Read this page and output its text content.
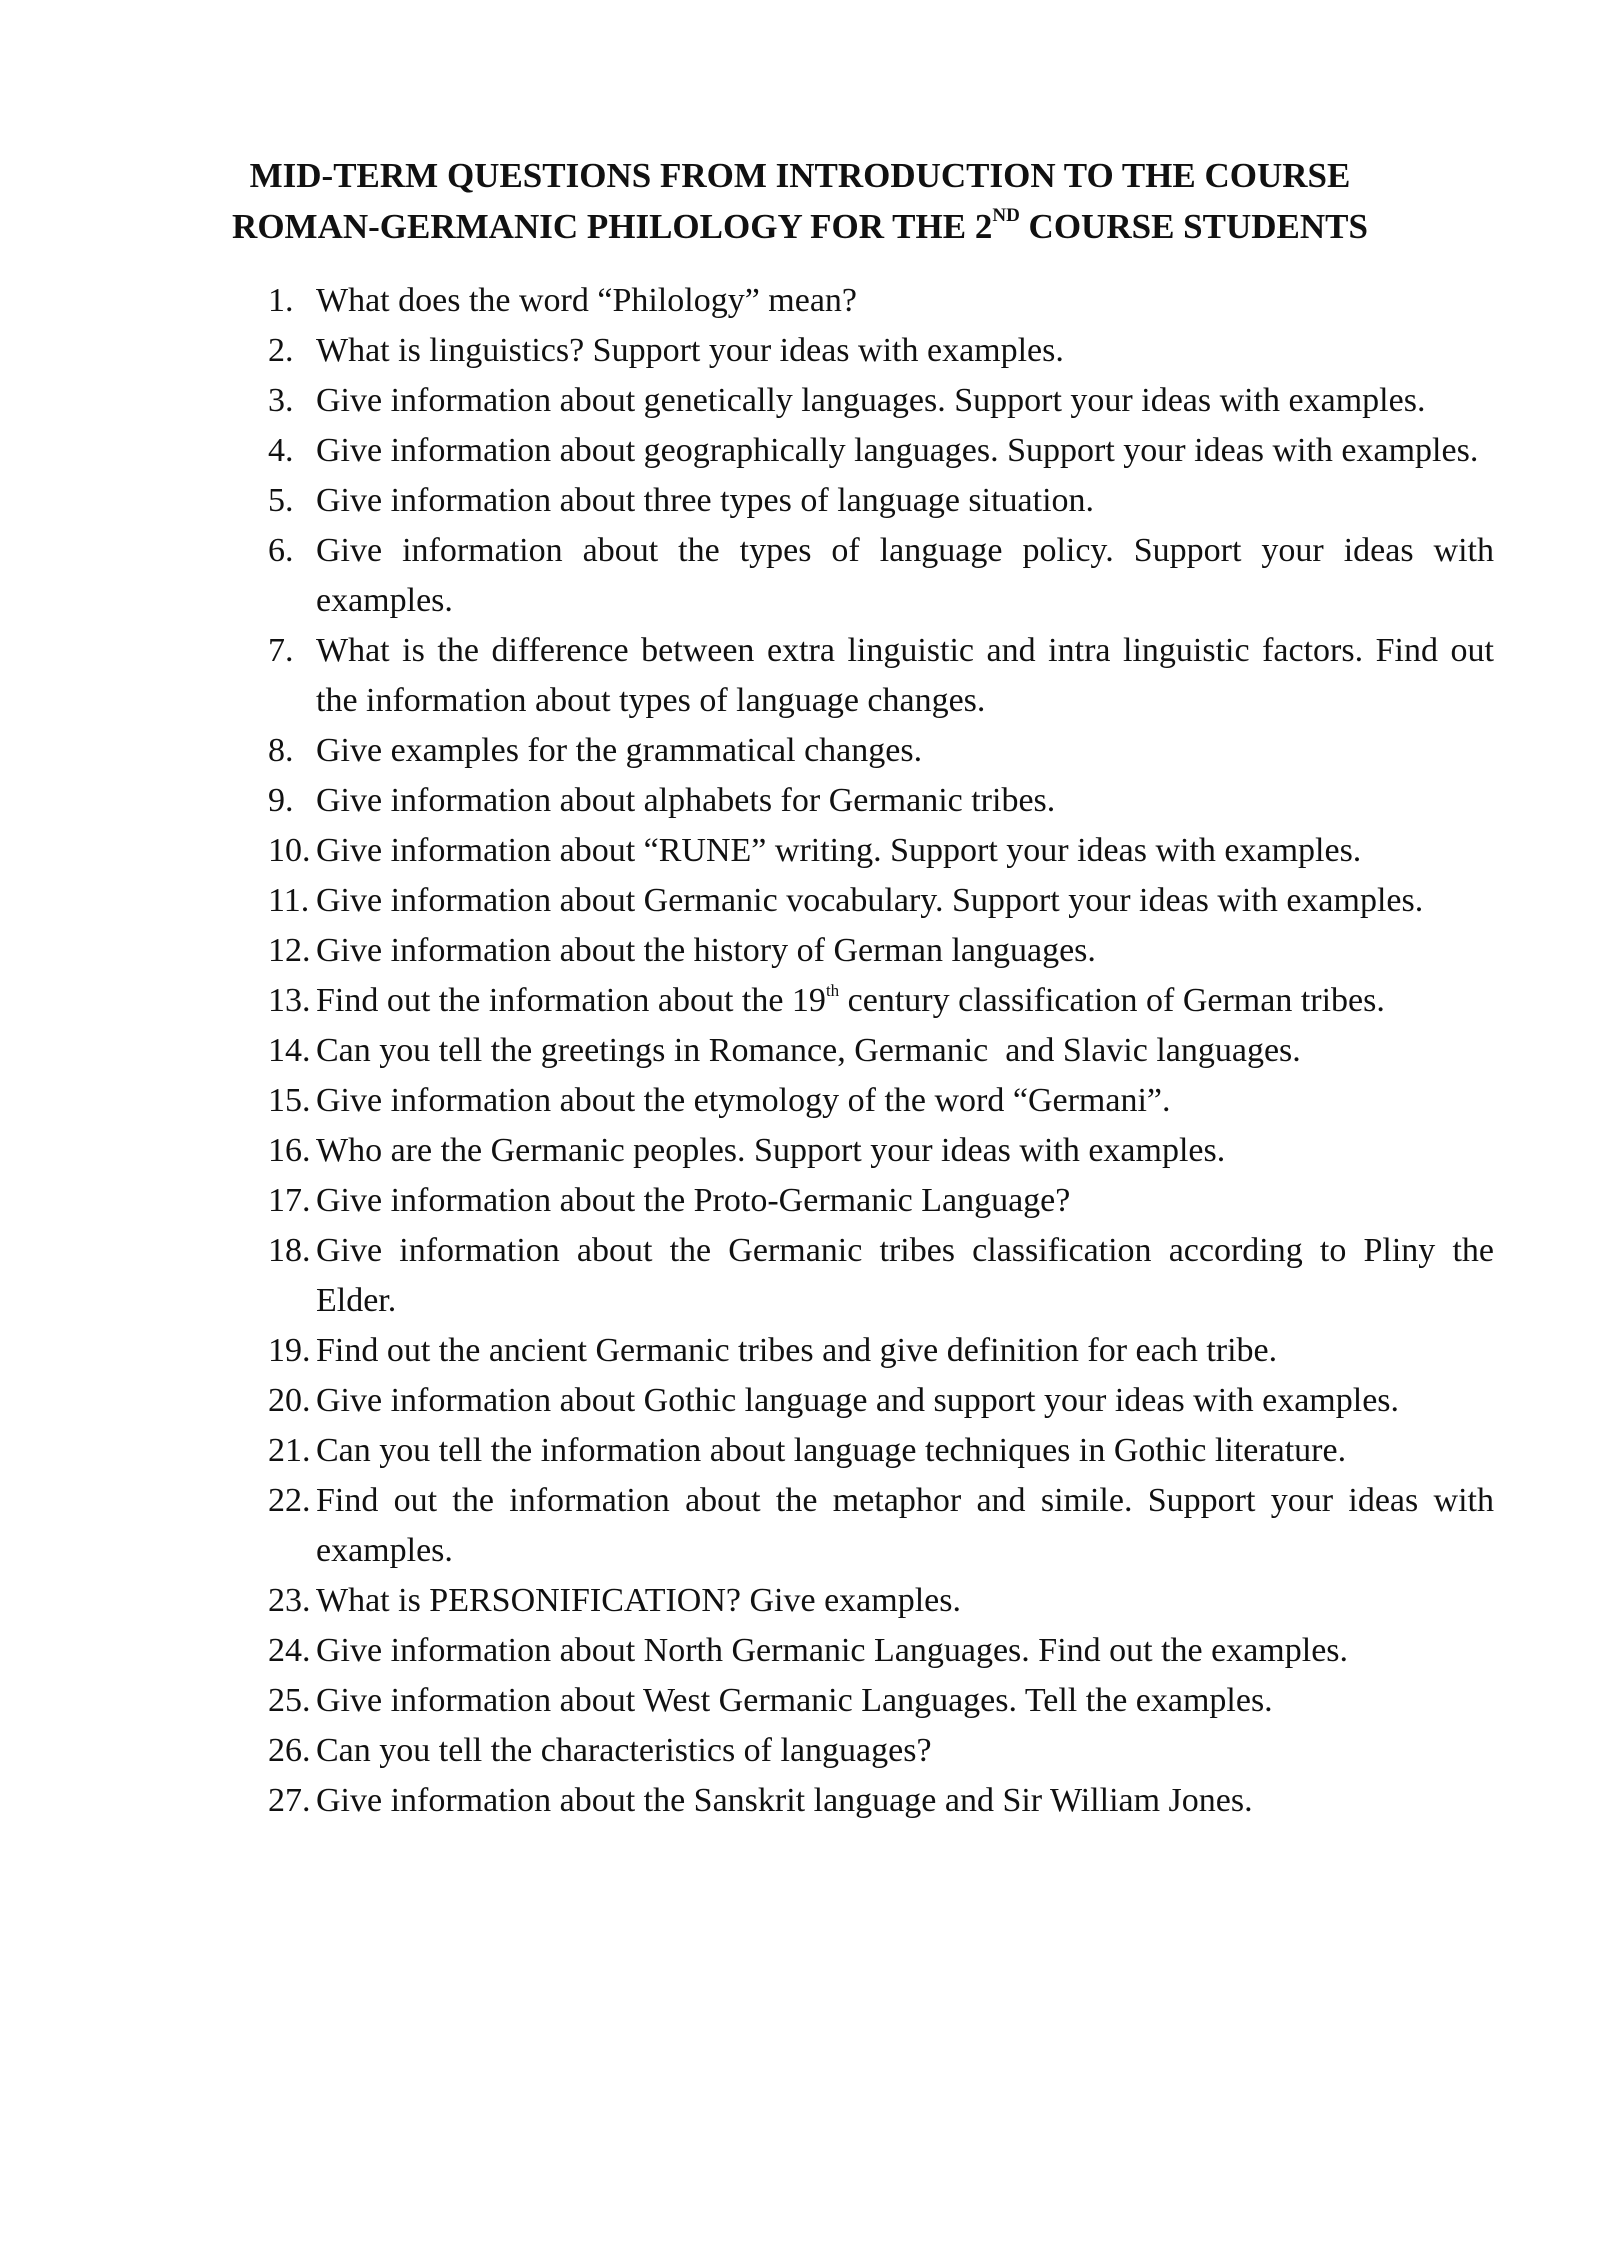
MID-TERM QUESTIONS FROM INTRODUCTION TO THE COURSE
ROMAN-GERMANIC PHILOLOGY FOR THE 2ND COURSE STUDENTS
1. What does the word “Philology” mean?
2. What is linguistics? Support your ideas with examples.
3. Give information about genetically languages. Support your ideas with examples.
4. Give information about geographically languages. Support your ideas with examples.
5. Give information about three types of language situation.
6. Give information about the types of language policy. Support your ideas with examples.
7. What is the difference between extra linguistic and intra linguistic factors. Find out the information about types of language changes.
8. Give examples for the grammatical changes.
9. Give information about alphabets for Germanic tribes.
10. Give information about “RUNE” writing. Support your ideas with examples.
11. Give information about Germanic vocabulary. Support your ideas with examples.
12. Give information about the history of German languages.
13. Find out the information about the 19th century classification of German tribes.
14. Can you tell the greetings in Romance, Germanic  and Slavic languages.
15. Give information about the etymology of the word “Germani”.
16. Who are the Germanic peoples. Support your ideas with examples.
17. Give information about the Proto-Germanic Language?
18. Give information about the Germanic tribes classification according to Pliny the Elder.
19. Find out the ancient Germanic tribes and give definition for each tribe.
20. Give information about Gothic language and support your ideas with examples.
21. Can you tell the information about language techniques in Gothic literature.
22. Find out the information about the metaphor and simile. Support your ideas with examples.
23. What is PERSONIFICATION? Give examples.
24. Give information about North Germanic Languages. Find out the examples.
25. Give information about West Germanic Languages. Tell the examples.
26. Can you tell the characteristics of languages?
27. Give information about the Sanskrit language and Sir William Jones.
